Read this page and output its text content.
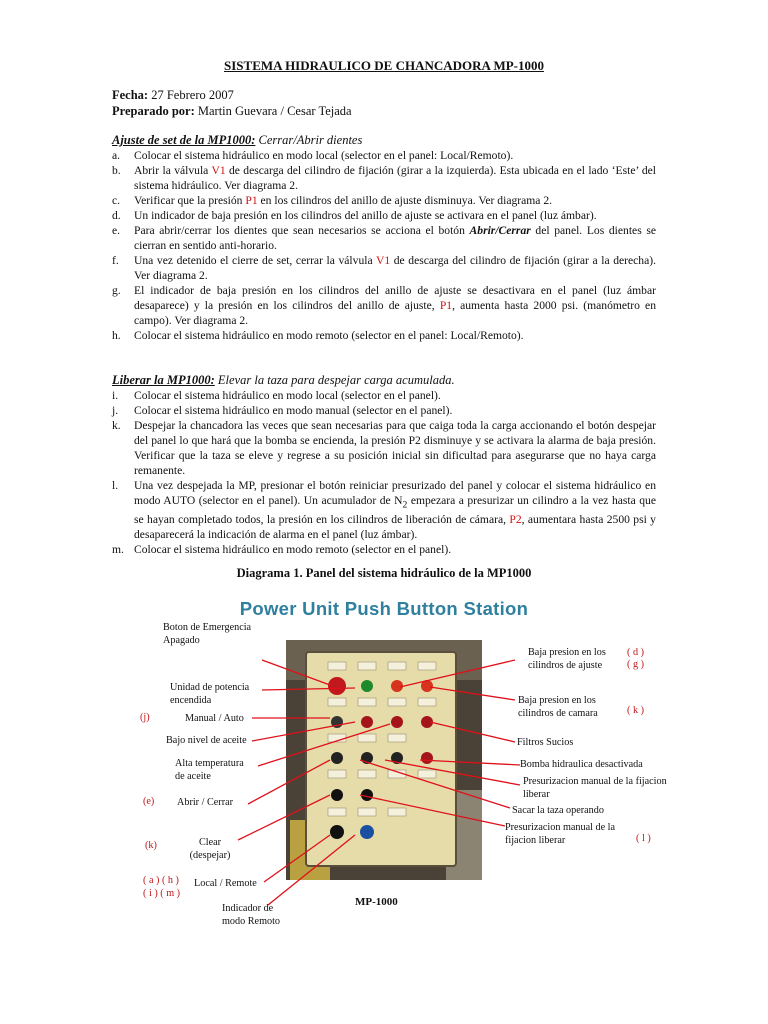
SISTEMA HIDRAULICO DE CHANCADORA MP-1000
Fecha: 27 Febrero 2007
Preparado por: Martin Guevara / Cesar Tejada
Ajuste de set de la MP1000: Cerrar/Abrir dientes
a.	Colocar el sistema hidráulico en modo local (selector en el panel: Local/Remoto).
b.	Abrir la válvula V1 de descarga del cilindro de fijación (girar a la izquierda). Esta ubicada en el lado ‘Este’ del sistema hidráulico. Ver diagrama 2.
c.	Verificar que la presión P1 en los cilindros del anillo de ajuste disminuya. Ver diagrama 2.
d.	Un indicador de baja presión en los cilindros del anillo de ajuste se activara en el panel (luz ámbar).
e.	Para abrir/cerrar los dientes que sean necesarios se acciona el botón Abrir/Cerrar del panel. Los dientes se cierran en sentido anti-horario.
f.	Una vez detenido el cierre de set, cerrar la válvula V1 de descarga del cilindro de fijación (girar a la derecha). Ver diagrama 2.
g.	El indicador de baja presión en los cilindros del anillo de ajuste se desactivara en el panel (luz ámbar desaparece) y la presión en los cilindros del anillo de ajuste, P1, aumenta hasta 2000 psi. (manómetro en campo). Ver diagrama 2.
h.	Colocar el sistema hidráulico en modo remoto (selector en el panel: Local/Remoto).
Liberar la MP1000: Elevar la taza para despejar carga acumulada.
i.	Colocar el sistema hidráulico en modo local (selector en el panel).
j.	Colocar el sistema hidráulico en modo manual (selector en el panel).
k.	Despejar la chancadora las veces que sean necesarias para que caiga toda la carga accionando el botón despejar del panel lo que hará que la bomba se encienda, la presión P2 disminuye y se activara la alarma de baja presión. Verificar que la taza se eleve y regrese a su posición inicial sin dificultad para asegurarse que no haya carga remanente.
l.	Una vez despejada la MP, presionar el botón reiniciar presurizado del panel y colocar el sistema hidráulico en modo AUTO (selector en el panel). Un acumulador de $N_2$ empezara a presurizar un cilindro a la vez hasta que se hayan completado todos, la presión en los cilindros de liberación de cámara, P2, aumentara hasta 2500 psi y desaparecerá la indicación de alarma en el panel (luz ámbar).
m. Colocar el sistema hidráulico en modo remoto (selector en el panel).
Diagrama 1. Panel del sistema hidráulico de la MP1000
Power Unit Push Button Station
Boton de Emergencia Apagado
Unidad de potencia encendida
Manual / Auto
Bajo nivel de aceite
Alta temperatura de aceite
Abrir / Cerrar
Clear (despejar)
Local / Remote
Indicador de modo Remoto
(j)
(e)
(k)
( a ) ( h )
( i ) ( m )
Baja presion en los cilindros de ajuste
Baja presion en los cilindros de camara
Filtros Sucios
Bomba hidraulica desactivada
Presurizacion manual de la fijacion liberar
Sacar la taza operando
Presurizacion manual de la fijacion liberar
( d )
( g )
( k )
( l )
MP-1000
